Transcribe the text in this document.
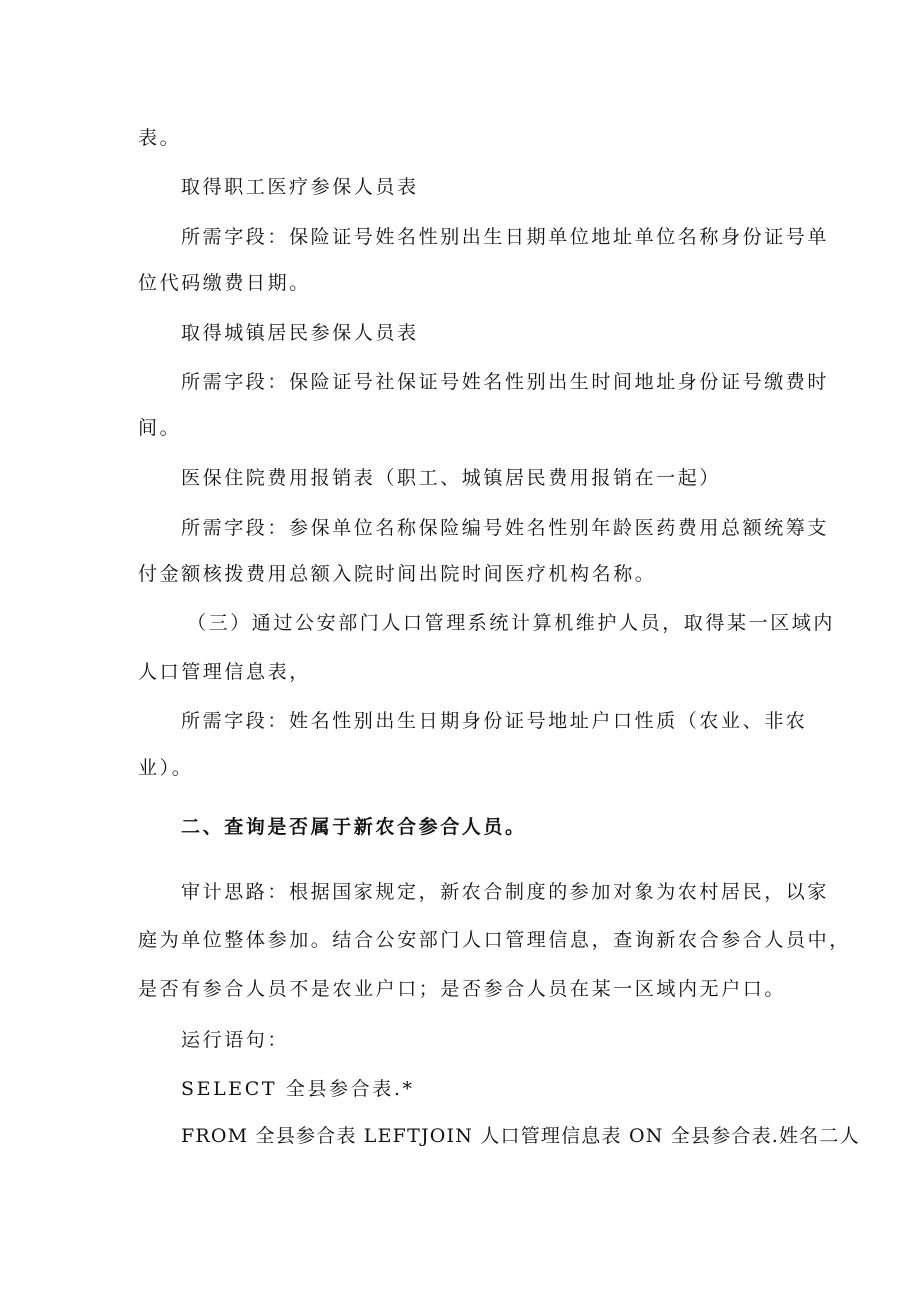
表。
取得职工医疗参保人员表
所需字段：保险证号姓名性别出生日期单位地址单位名称身份证号单
位代码缴费日期。
取得城镇居民参保人员表
所需字段：保险证号社保证号姓名性别出生时间地址身份证号缴费时
间。
医保住院费用报销表（职工、城镇居民费用报销在一起）
所需字段：参保单位名称保险编号姓名性别年龄医药费用总额统筹支
付金额核拨费用总额入院时间出院时间医疗机构名称。
（三）通过公安部门人口管理系统计算机维护人员，取得某一区域内
人口管理信息表，
所需字段：姓名性别出生日期身份证号地址户口性质（农业、非农
业）。
二、查询是否属于新农合参合人员。
审计思路：根据国家规定，新农合制度的参加对象为农村居民，以家
庭为单位整体参加。结合公安部门人口管理信息，查询新农合参合人员中，
是否有参合人员不是农业户口；是否参合人员在某一区域内无户口。
运行语句：
SELECT 全县参合表.*
FROM 全县参合表 LEFTJOIN 人口管理信息表 ON 全县参合表.姓名二人
